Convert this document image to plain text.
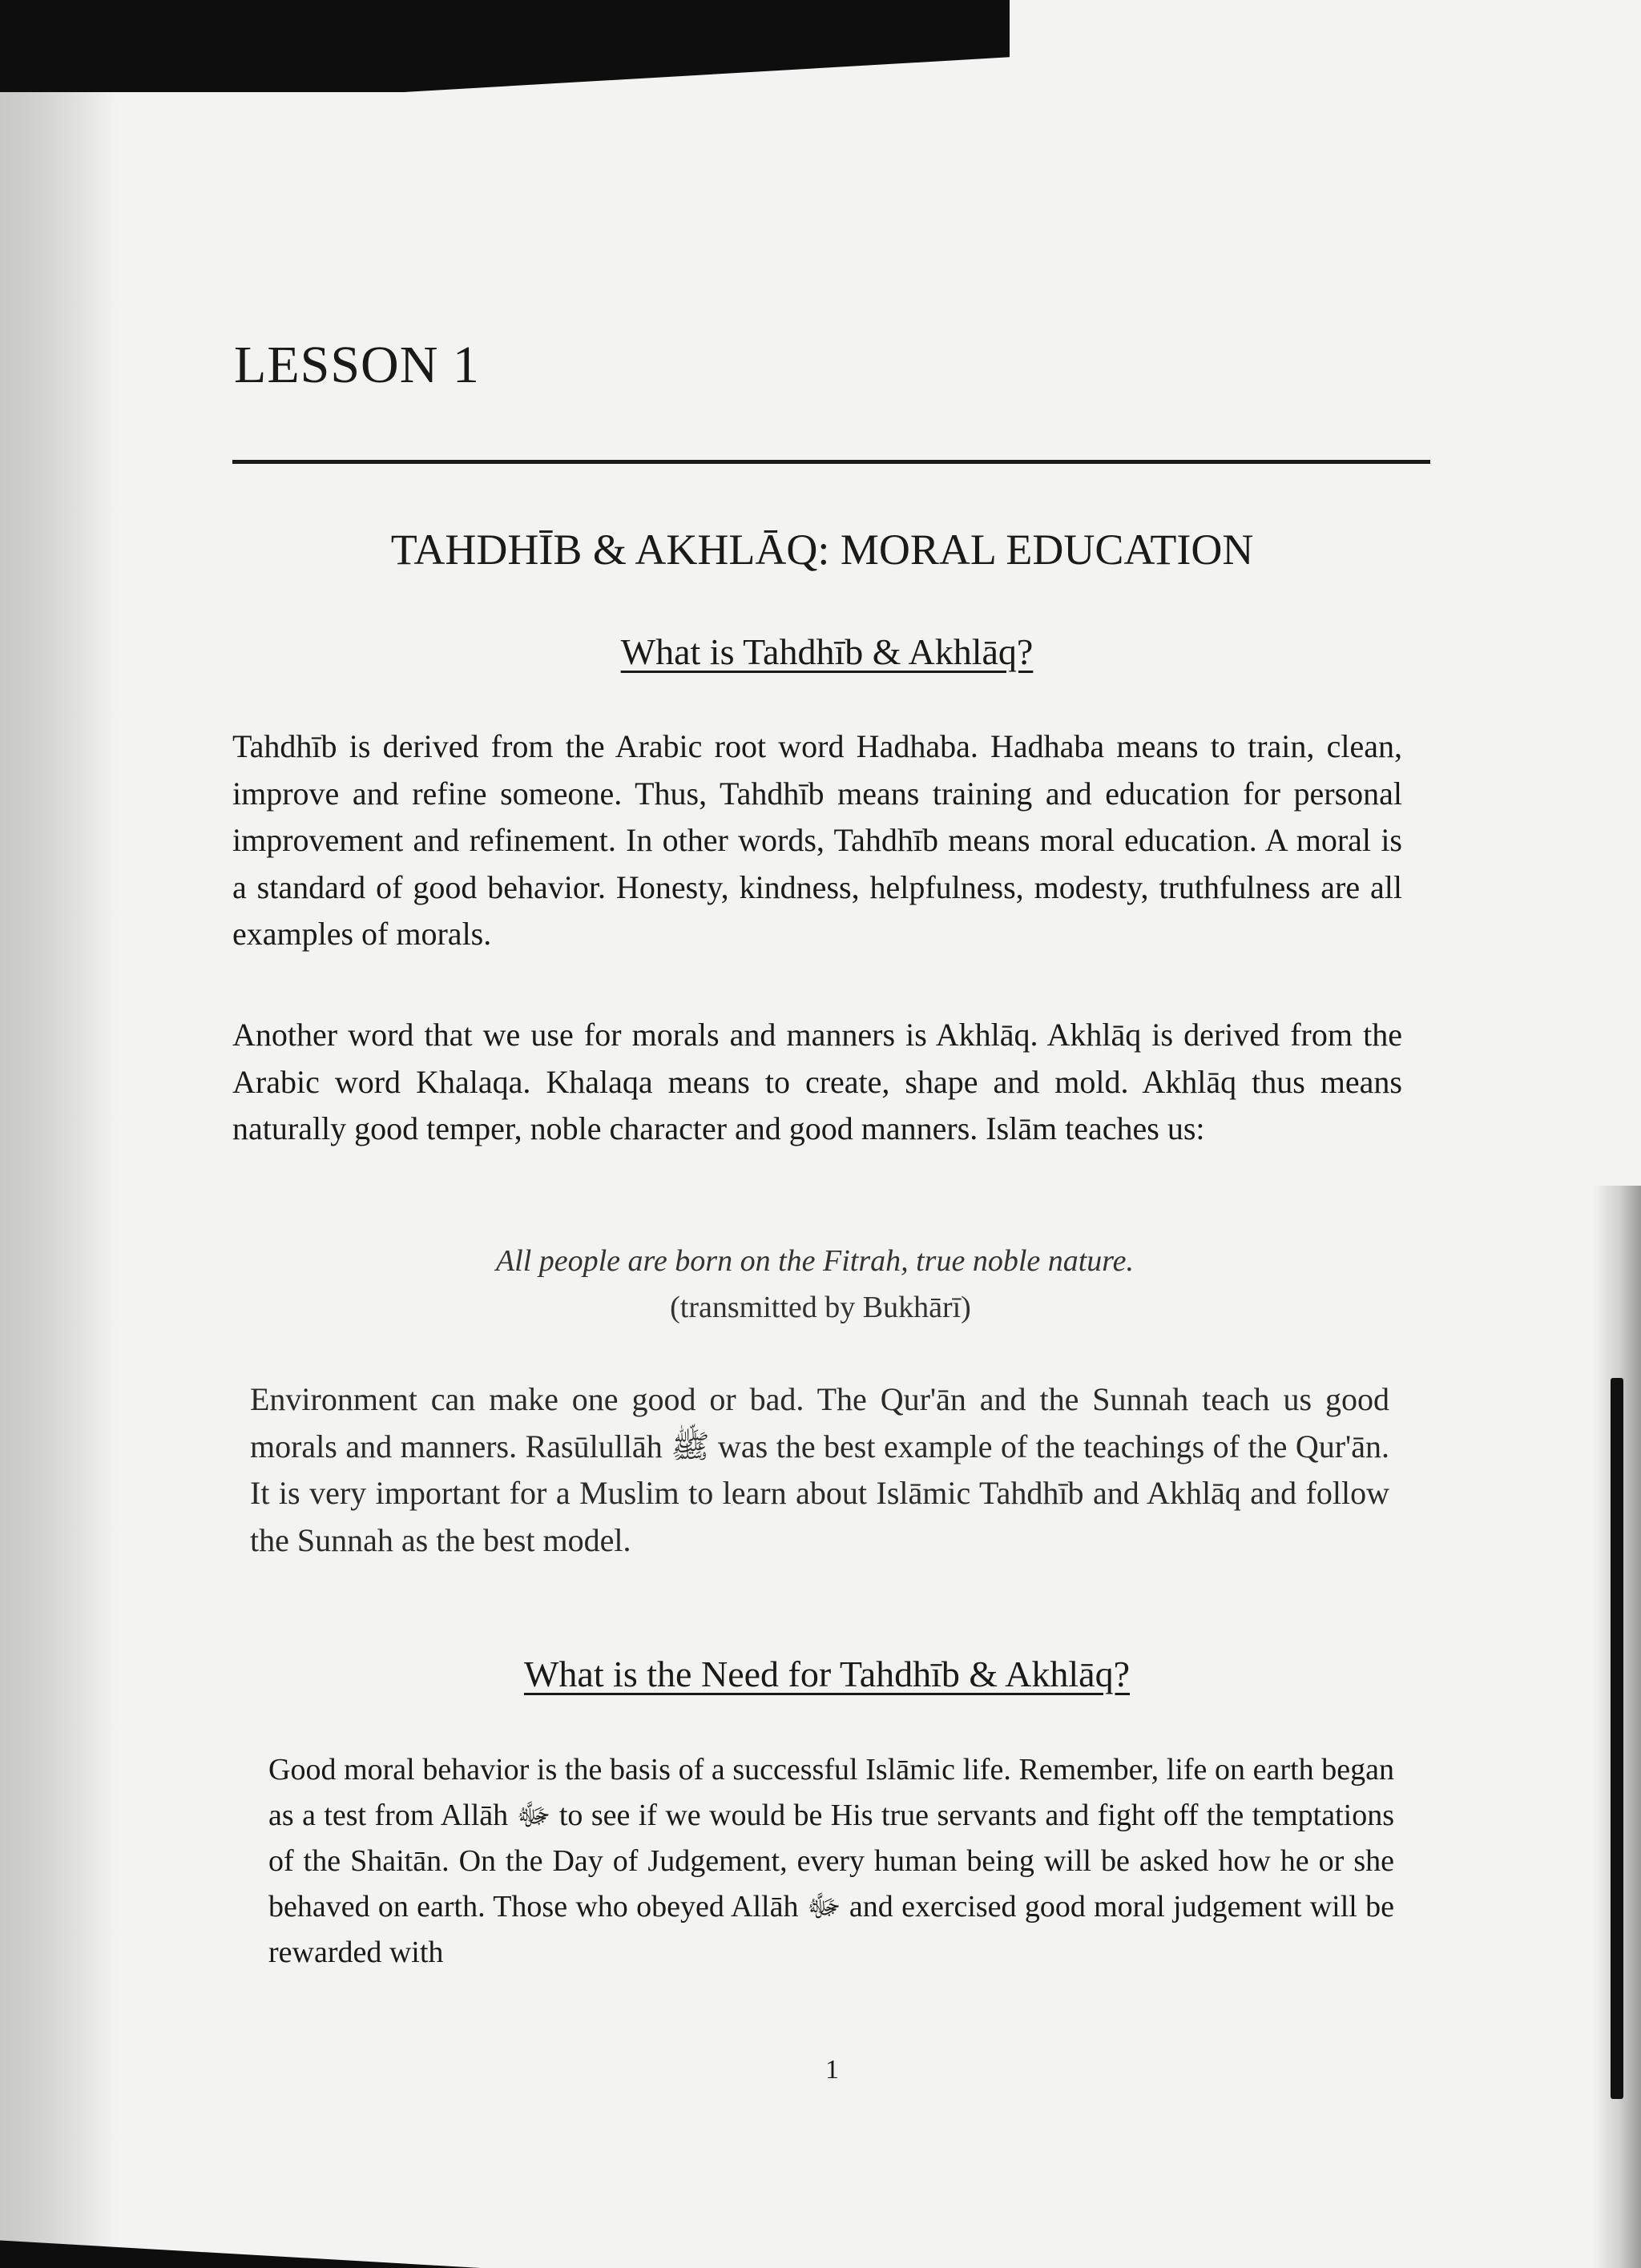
LESSON 1
TAHDHĪB & AKHLĀQ: MORAL EDUCATION
What is Tahdhīb & Akhlāq?

Tahdhīb is derived from the Arabic root word Hadhaba. Hadhaba means to train, clean, improve and refine someone. Thus, Tahdhīb means training and education for personal improvement and refinement. In other words, Tahdhīb means moral education. A moral is a standard of good behavior. Honesty, kindness, helpfulness, modesty, truthfulness are all examples of morals.

Another word that we use for morals and manners is Akhlāq. Akhlāq is derived from the Arabic word Khalaqa. Khalaqa means to create, shape and mold. Akhlāq thus means naturally good temper, noble character and good manners. Islām teaches us:

All people are born on the Fitrah, true noble nature.
(transmitted by Bukhārī)

Environment can make one good or bad. The Qur'ān and the Sunnah teach us good morals and manners. Rasūlullāh ﷺ was the best example of the teachings of the Qur'ān. It is very important for a Muslim to learn about Islāmic Tahdhīb and Akhlāq and follow the Sunnah as the best model.

What is the Need for Tahdhīb & Akhlāq?

Good moral behavior is the basis of a successful Islāmic life. Remember, life on earth began as a test from Allāh ﷻ to see if we would be His true servants and fight off the temptations of the Shaitān. On the Day of Judgement, every human being will be asked how he or she behaved on earth. Those who obeyed Allāh ﷻ and exercised good moral judgement will be rewarded with

1
